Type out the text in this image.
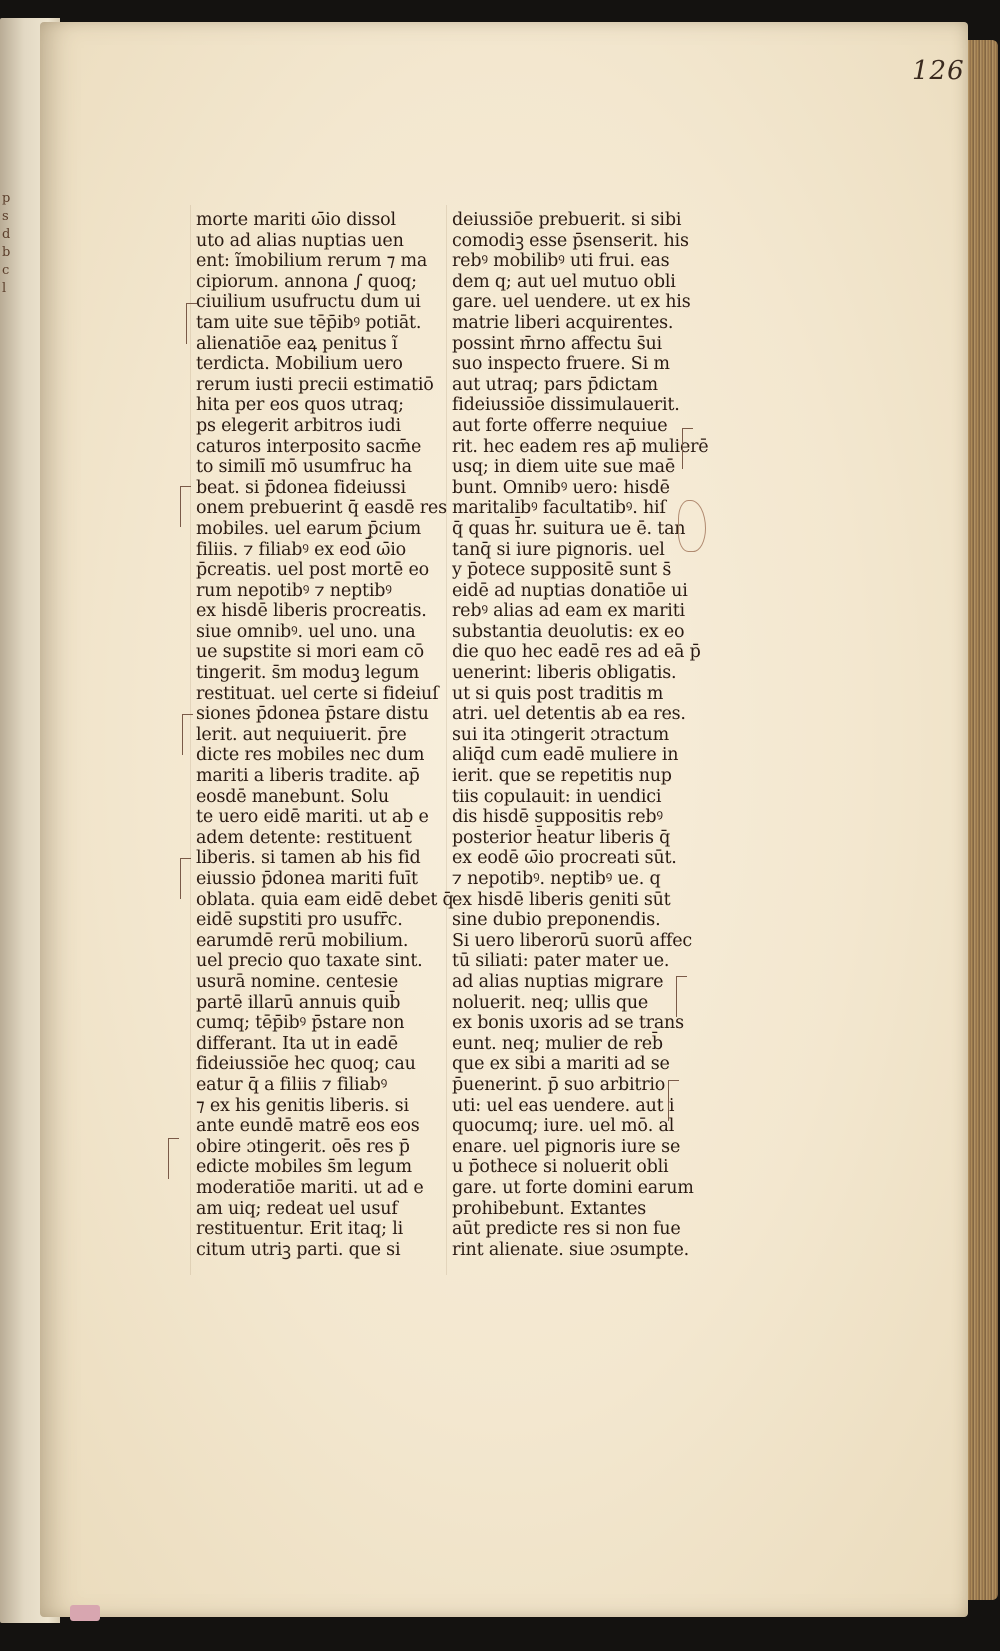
p s d b c l
126
morte mariti ω̄io dissol
uto ad alias nuptias uen
ent: ĩmobilium rerum ⁊ ma
cipiorum. annona ∫ quoq;
ciuilium usufructu dum ui
tam uite sue tēp̄ibꝰ potiāt.
alienatiōe eaꝝ penitus ĩ
terdicta. Mobilium uero
rerum iusti precii estimatiō
hita per eos quos utraq;
ps elegerit arbitros iudi
caturos interposito sacm̄e
to similī mō usumfruc ha
beat. si p̄donea fideiussi
onem prebuerint q̄ easdē res
mobiles. uel earum p̄cium
filiis. ⁊ filiabꝰ ex eod̄ ω̄io
p̄creatis. uel post mortē eo
rum nepotibꝰ ⁊ neptibꝰ
ex hisdē liberis procreatis.
siue omnibꝰ. uel uno. una
ue suꝑstite si mori eam cō
tingerit. s̄m moduꝫ legum
restituat. uel certe si fideiuſ
siones p̄donea p̄stare distu
lerit. aut nequiuerit. p̄re
dicte res mobiles nec dum
mariti a liberis tradite. ap̄
eosdē manebunt. Solu
te uero eidē mariti. ut ab e
adem detente: restituent̄
liberis. si tamen ab his fid
eiussio p̄donea mariti fuīt
oblata. quia eam eidē debet q̄
eidē suꝑstiti pro usufr̄c.
earumdē rerū mobilium.
uel precio quo taxate sint.
usurā nomine. centesie
partē illarū annuis quib̄
cumq; tēp̄ibꝰ p̄stare non
differant. Ita ut in eadē
fideiussiōe hec quoq; cau
eatur q̄ a filiis ⁊ filiabꝰ
⁊ ex his genitis liberis. si
ante eundē matrē eos eos
obire ɔtingerit. oēs res p̄
edicte mobiles s̄m legum
moderatiōe mariti. ut ad e
am uiq; redeat uel usuf
restituentur. Erit itaq; li
citum utriꝫ parti. que si
deiussiōe prebuerit. si sibi
comodiꝫ esse p̄senserit. his
rebꝰ mobilibꝰ uti frui. eas
dem q; aut uel mutuo obli
gare. uel uendere. ut ex his
matrie liberi acquirentes.
possint m̄rno affectu s̄ui
suo inspecto fruere. Si m
aut utraq; pars p̄dictam
fideiussiōe dissimulauerit.
aut forte offerre nequiue
rit. hec eadem res ap̄ mulierē
usq; in diem uite sue maē
bunt. Omnibꝰ uero: hisdē
maritalibꝰ facultatibꝰ. hiſ
q̄ quas h̄r. suitura ue ē. tan
tanq̄ si iure pignoris. uel
y p̄otece suppositē sunt s̄
eidē ad nuptias donatiōe ui
rebꝰ alias ad eam ex mariti
substantia deuolutis: ex eo
die quo hec eadē res ad eā p̄
uenerint: liberis obligatis.
ut si quis post traditis m
atri. uel detentis ab ea res.
sui ita ɔtingerit ɔtractum
aliq̄d cum eadē muliere in
ierit. que se repetitis nup
tiis copulauit: in uendici
dis hisdē suppositis rebꝰ
posterior h̄eatur liberis q̄
ex eodē ω̄io procreati sūt.
⁊ nepotibꝰ. neptibꝰ ue. q
ex hisdē liberis geniti sūt
sine dubio preponendis.
Si uero liberorū suorū affec
tū siliati: pater mater ue.
ad alias nuptias migrare
noluerit. neq; ullis que
ex bonis uxoris ad se trans
eunt. neq; mulier de reb̄
que ex sibi a mariti ad se
p̄uenerint. p̄ suo arbitrio
uti: uel eas uendere. aut i
quocumq; iure. uel mō. al
enare. uel pignoris iure se
u p̄othece si noluerit obli
gare. ut forte domini earum
prohibebunt. Extantes
aūt predicte res si non fue
rint alienate. siue ɔsumpte.
